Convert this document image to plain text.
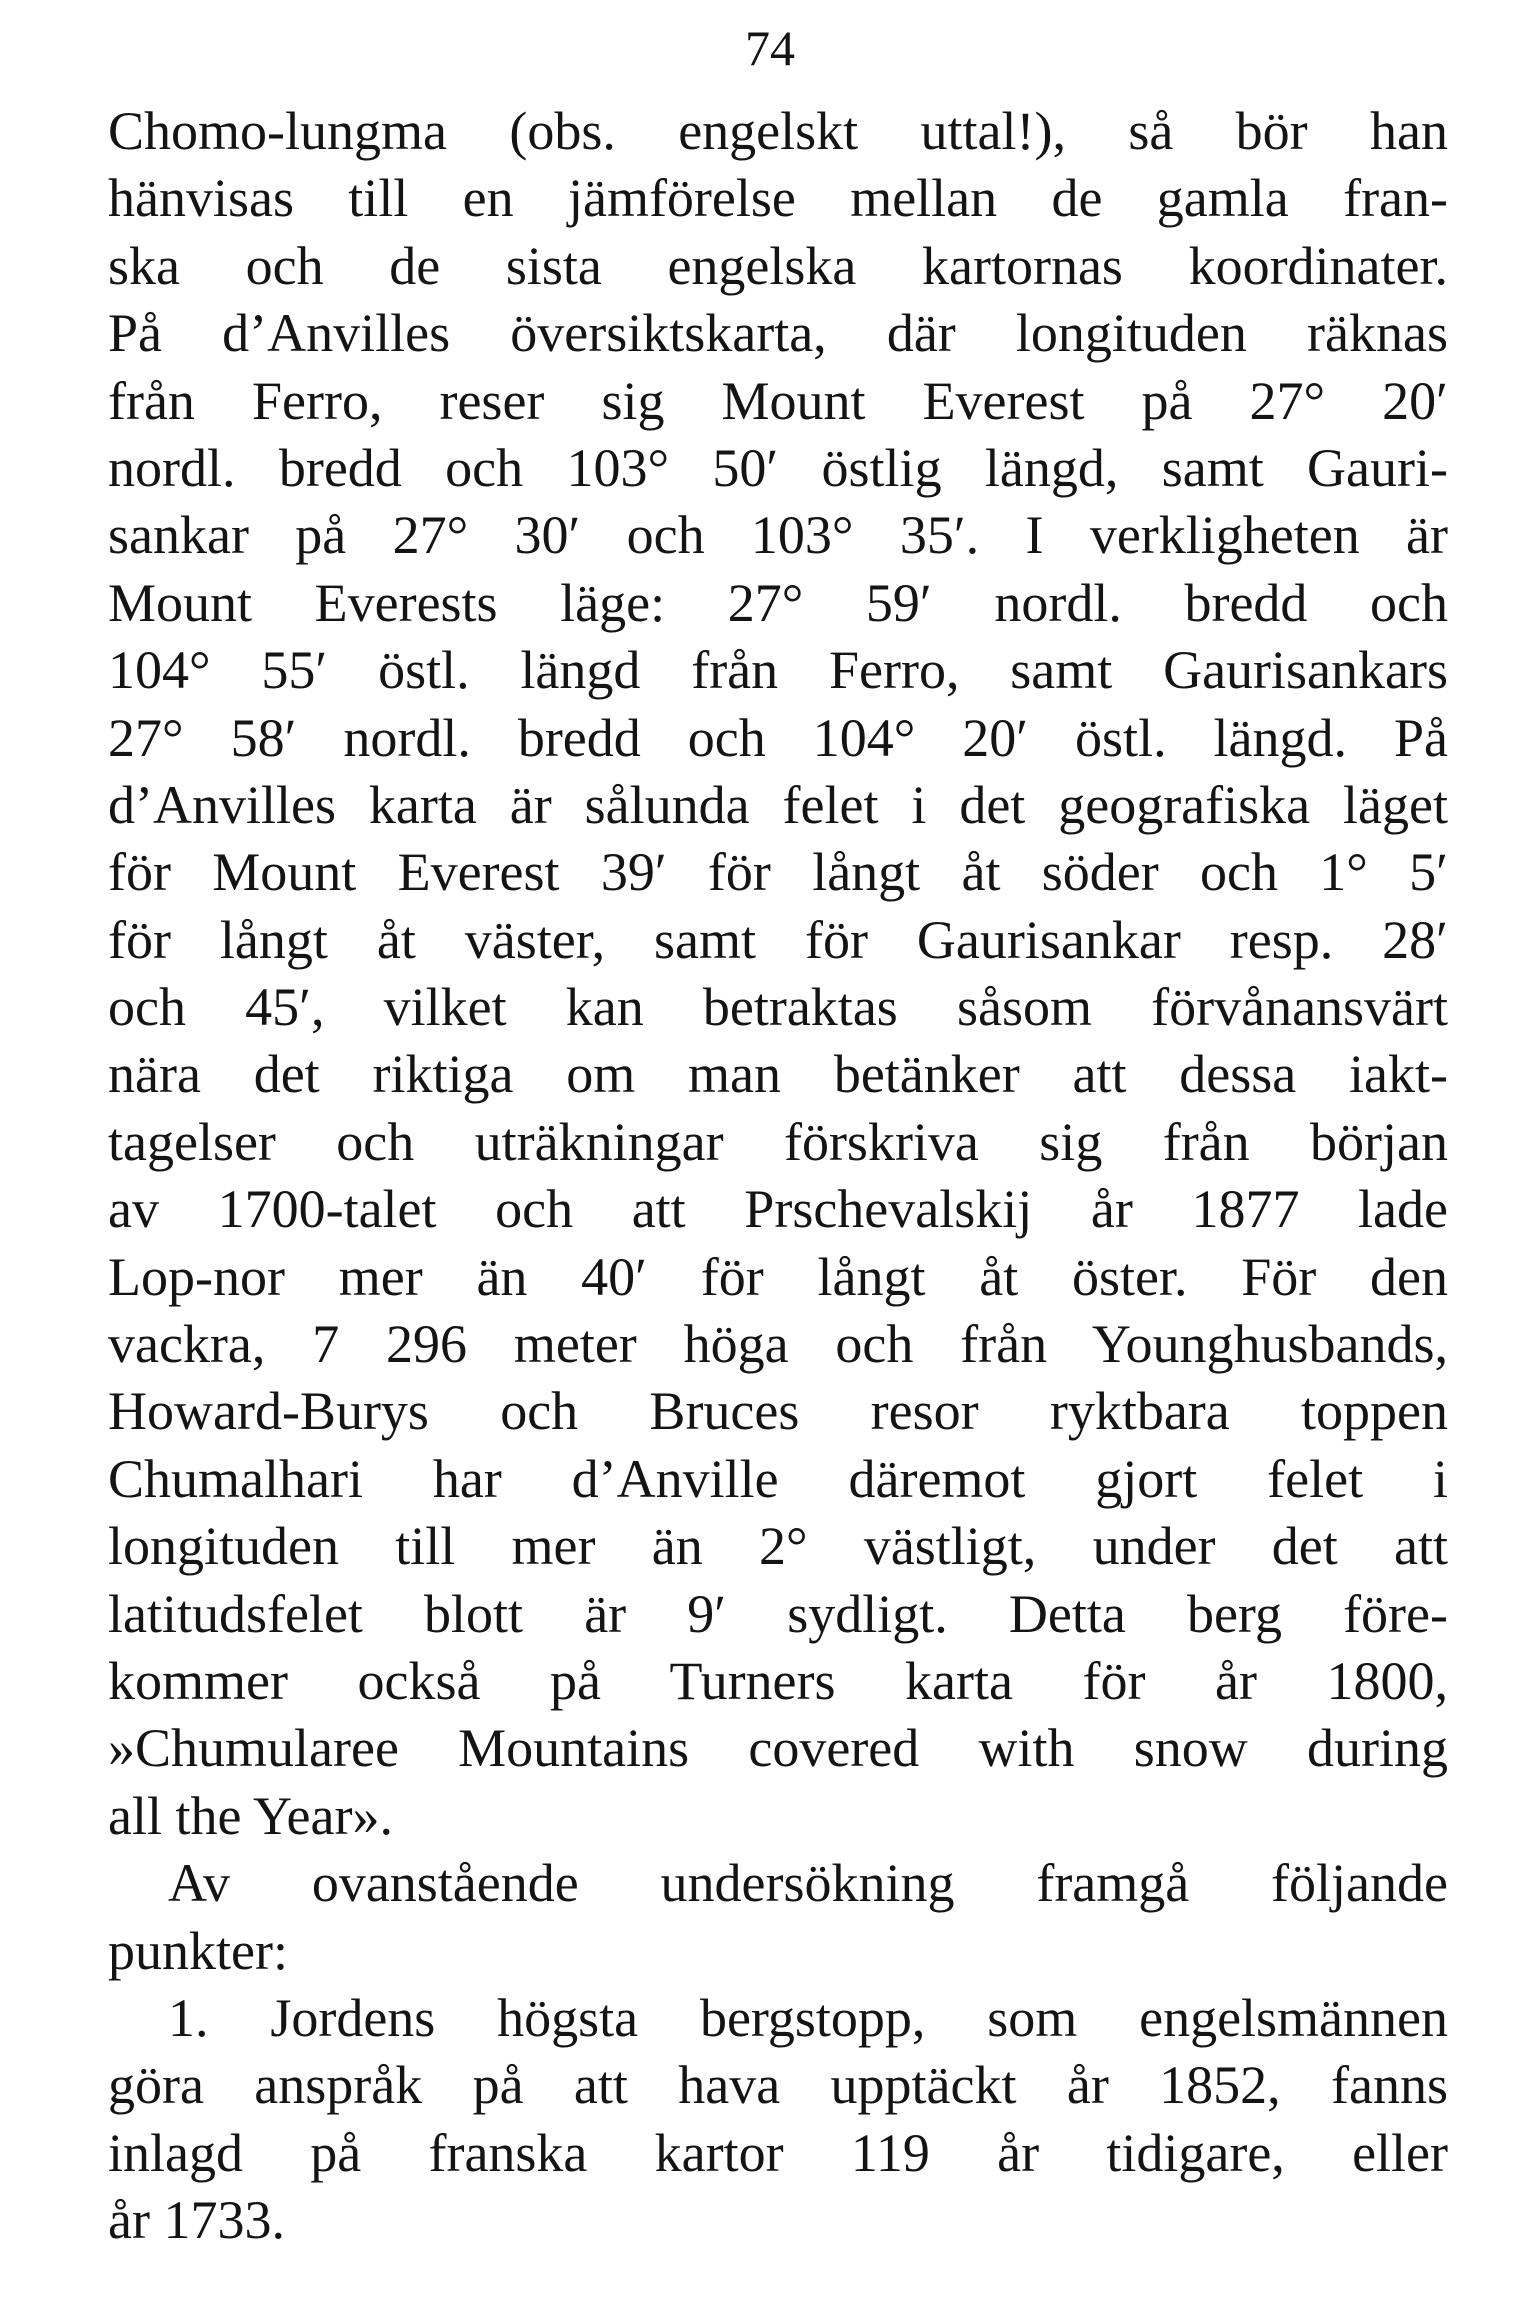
74
Chomo-lungma (obs. engelskt uttal!), så bör han
hänvisas till en jämförelse mellan de gamla fran-
ska och de sista engelska kartornas koordinater.
På d’Anvilles översiktskarta, där longituden räknas
från Ferro, reser sig Mount Everest på 27° 20′
nordl. bredd och 103° 50′ östlig längd, samt Gauri-
sankar på 27° 30′ och 103° 35′. I verkligheten är
Mount Everests läge: 27° 59′ nordl. bredd och
104° 55′ östl. längd från Ferro, samt Gaurisankars
27° 58′ nordl. bredd och 104° 20′ östl. längd. På
d’Anvilles karta är sålunda felet i det geografiska läget
för Mount Everest 39′ för långt åt söder och 1° 5′
för långt åt väster, samt för Gaurisankar resp. 28′
och 45′, vilket kan betraktas såsom förvånansvärt
nära det riktiga om man betänker att dessa iakt-
tagelser och uträkningar förskriva sig från början
av 1700-talet och att Prschevalskij år 1877 lade
Lop-nor mer än 40′ för långt åt öster. För den
vackra, 7 296 meter höga och från Younghusbands,
Howard-Burys och Bruces resor ryktbara toppen
Chumalhari har d’Anville däremot gjort felet i
longituden till mer än 2° västligt, under det att
latitudsfelet blott är 9′ sydligt. Detta berg före-
kommer också på Turners karta för år 1800,
»Chumularee Mountains covered with snow during
all the Year».
Av ovanstående undersökning framgå följande
punkter:
1. Jordens högsta bergstopp, som engelsmännen
göra anspråk på att hava upptäckt år 1852, fanns
inlagd på franska kartor 119 år tidigare, eller
år 1733.
